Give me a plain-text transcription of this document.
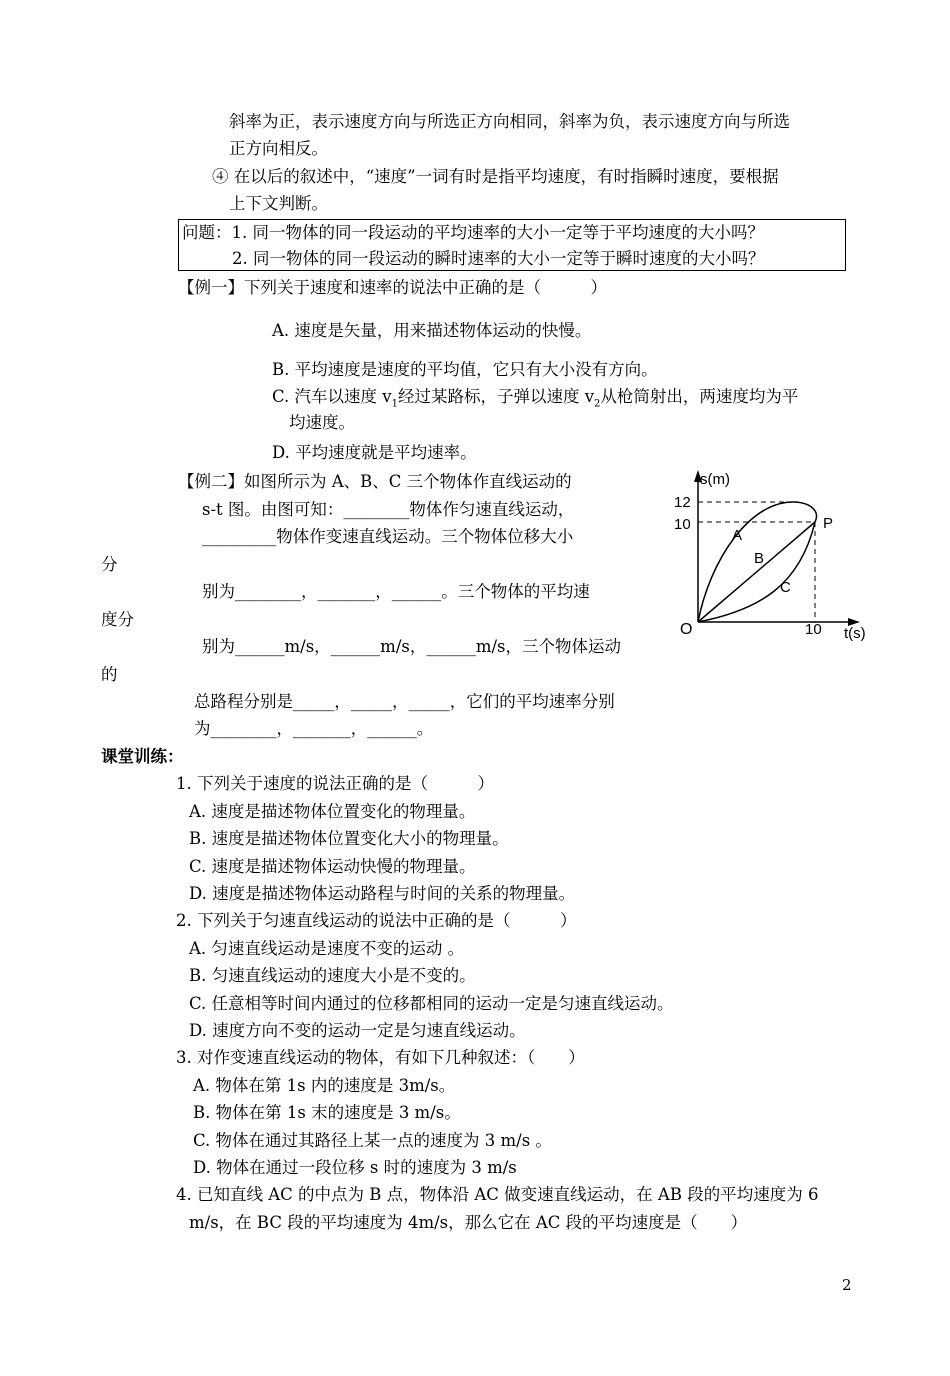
斜率为正，表示速度方向与所选正方向相同，斜率为负，表示速度方向与所选
正方向相反。
④ 在以后的叙述中，“速度”一词有时是指平均速度，有时指瞬时速度，要根据
上下文判断。
问题：1. 同一物体的同一段运动的平均速率的大小一定等于平均速度的大小吗？
2. 同一物体的同一段运动的瞬时速率的大小一定等于瞬时速度的大小吗？
【例一】下列关于速度和速率的说法中正确的是（　　　）
A. 速度是矢量，用来描述物体运动的快慢。
B. 平均速度是速度的平均值，它只有大小没有方向。
C. 汽车以速度 $v_1$经过某路标，子弹以速度 $v_2$从枪筒射出，两速度均为平
均速度。
D. 平均速度就是平均速率。
【例二】如图所示为 A、B、C 三个物体作直线运动的
s-t 图。由图可知：________物体作匀速直线运动，
_________物体作变速直线运动。三个物体位移大小
分
别为________，_______，______。三个物体的平均速
度分
别为______m/s，______m/s，______m/s，三个物体运动
的
总路程分别是_____，_____，_____，它们的平均速率分别
为________，_______，______。
s(m)
t(s)
O
12
10
10
A
B
C
P
课堂训练：
1. 下列关于速度的说法正确的是（　　　）
A. 速度是描述物体位置变化的物理量。
B. 速度是描述物体位置变化大小的物理量。
C. 速度是描述物体运动快慢的物理量。
D. 速度是描述物体运动路程与时间的关系的物理量。
2. 下列关于匀速直线运动的说法中正确的是（　　　）
A. 匀速直线运动是速度不变的运动 。
B. 匀速直线运动的速度大小是不变的。
C. 任意相等时间内通过的位移都相同的运动一定是匀速直线运动。
D. 速度方向不变的运动一定是匀速直线运动。
3. 对作变速直线运动的物体，有如下几种叙述：（　　）
A. 物体在第 1s 内的速度是 3m/s。
B. 物体在第 1s 末的速度是 3 m/s。
C. 物体在通过其路径上某一点的速度为 3 m/s 。
D. 物体在通过一段位移 s 时的速度为 3 m/s
4. 已知直线 AC 的中点为 B 点，物体沿 AC 做变速直线运动，在 AB 段的平均速度为 6
m/s，在 BC 段的平均速度为 4m/s，那么它在 AC 段的平均速度是（　　）
2
